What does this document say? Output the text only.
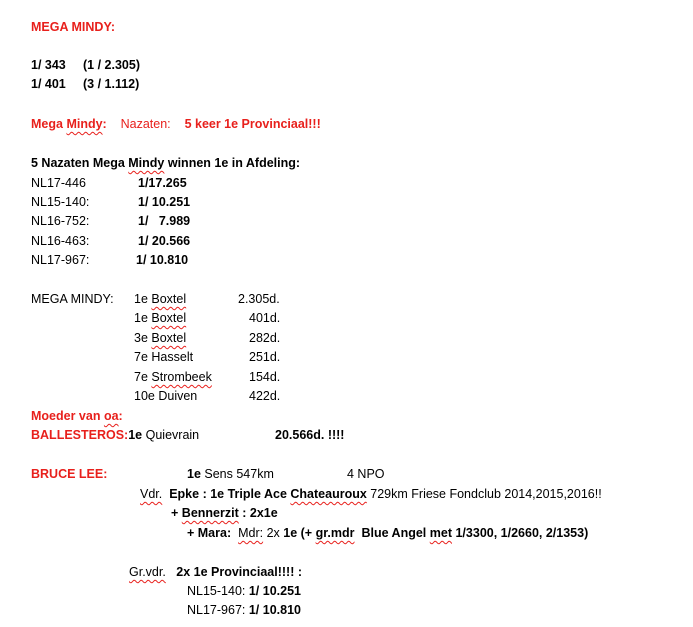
MEGA MINDY:
1/ 343 (1 / 2.305)
1/ 401 (3 / 1.112)
Mega Mindy: Nazaten: 5 keer 1e Provinciaal!!!
5 Nazaten Mega Mindy winnen 1e in Afdeling:
NL17-446	1/17.265
NL15-140:	1/ 10.251
NL16-752:	1/   7.989
NL16-463:	1/ 20.566
NL17-967:	1/ 10.810
MEGA MINDY: 1e Boxtel	2.305d.
1e Boxtel	401d.
3e Boxtel	282d.
7e Hasselt	251d.
7e Strombeek	154d.
10e Duiven	422d.
Moeder van oa:
BALLESTEROS:1e Quievrain	20.566d. !!!!
BRUCE LEE:	1e Sens 547km	4 NPO
Vdr. Epke : 1e Triple Ace Chateauroux 729km Friese Fondclub 2014,2015,2016!!
+ Bennerzit : 2x1e
+ Mara: Mdr: 2x 1e (+ gr.mdr Blue Angel met 1/3300, 1/2660, 2/1353)
Gr.vdr. 2x 1e Provinciaal!!!! :
NL15-140: 1/ 10.251
NL17-967: 1/ 10.810
